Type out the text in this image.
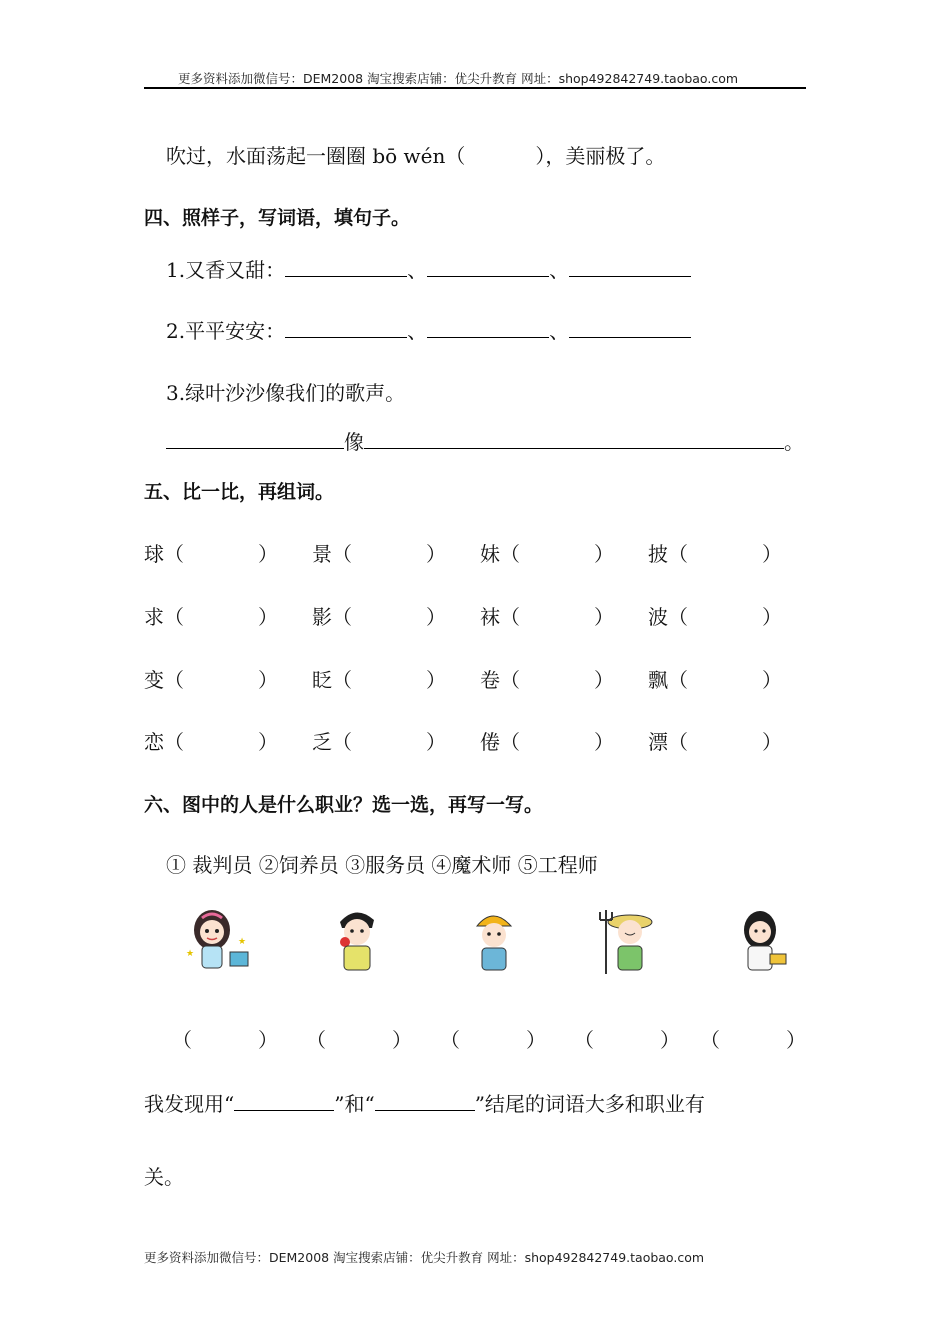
更多资料添加微信号：DEM2008 淘宝搜索店铺：优尖升教育 网址：shop492842749.taobao.com
吹过，水面荡起一圈圈 bō wén（	），美丽极了。
四、照样子，写词语，填句子。
1.又香又甜：	、	、
2.平平安安：	、	、
3.绿叶沙沙像我们的歌声。
像	。
五、比一比，再组词。
球（	） 景（	） 妹（	） 披（	）
求（	） 影（	） 袜（	） 波（	）
变（	） 眨（	） 卷（	） 飘（	）
恋（	） 乏（	） 倦（	） 漂（	）
六、图中的人是什么职业？选一选，再写一写。
① 裁判员 ②饲养员 ③服务员 ④魔术师 ⑤工程师
★
★
（	） （	） （	） （	） （	）
我发现用“	”和“	”结尾的词语大多和职业有
关。
更多资料添加微信号：DEM2008 淘宝搜索店铺：优尖升教育 网址：shop492842749.taobao.com
